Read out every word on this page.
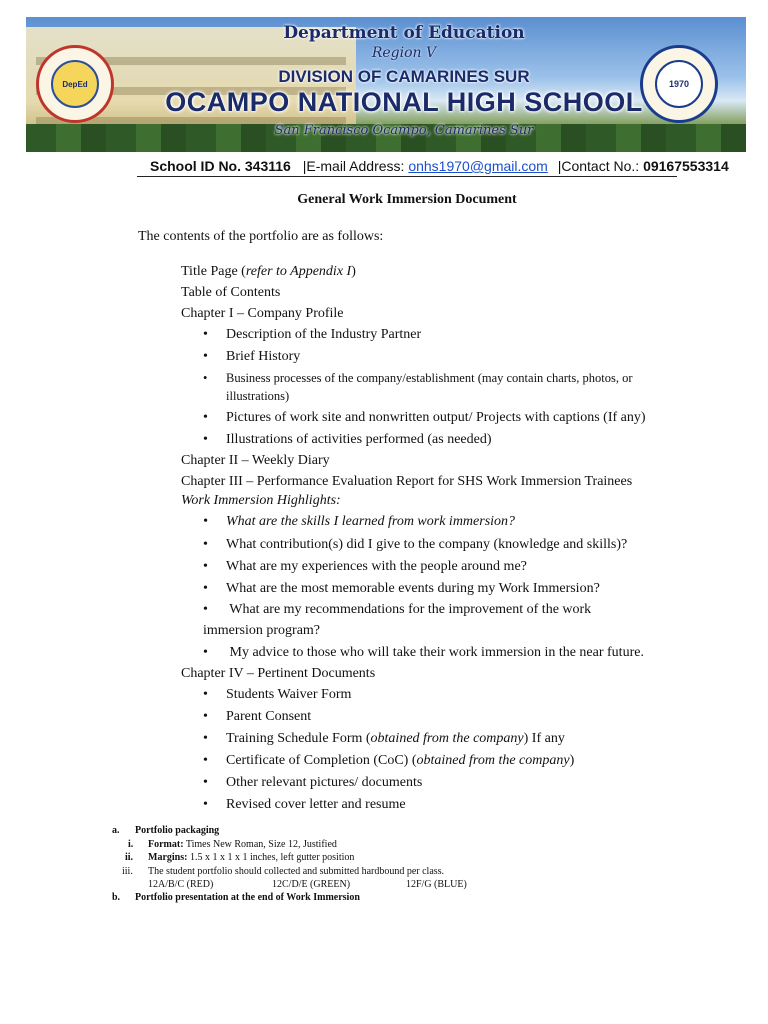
DepEd	1970
Department of Education
Region V
DIVISION OF CAMARINES SUR
OCAMPO NATIONAL HIGH SCHOOL
San Francisco Ocampo, Camarines Sur
School ID No. 343116 |E-mail Address: onhs1970@gmail.com |Contact No.: 09167553314
General Work Immersion Document
The contents of the portfolio are as follows:
Title Page (refer to Appendix I)
Table of Contents
Chapter I – Company Profile
• Description of the Industry Partner
• Brief History
• Business processes of the company/establishment (may contain charts, photos, or
illustrations)
• Pictures of work site and nonwritten output/ Projects with captions (If any)
• Illustrations of activities performed (as needed)
Chapter II – Weekly Diary
Chapter III – Performance Evaluation Report for SHS Work Immersion Trainees
Work Immersion Highlights:
• What are the skills I learned from work immersion?
• What contribution(s) did I give to the company (knowledge and skills)?
• What are my experiences with the people around me?
• What are the most memorable events during my Work Immersion?
• What are my recommendations for the improvement of the work
immersion program?
• My advice to those who will take their work immersion in the near future.
Chapter IV – Pertinent Documents
• Students Waiver Form
• Parent Consent
• Training Schedule Form (obtained from the company) If any
• Certificate of Completion (CoC) (obtained from the company)
• Other relevant pictures/ documents
• Revised cover letter and resume
a. Portfolio packaging
i. Format: Times New Roman, Size 12, Justified
ii. Margins: 1.5 x 1 x 1 x 1 inches, left gutter position
iii. The student portfolio should collected and submitted hardbound per class.
12A/B/C (RED)	12C/D/E (GREEN)	12F/G (BLUE)
b. Portfolio presentation at the end of Work Immersion
